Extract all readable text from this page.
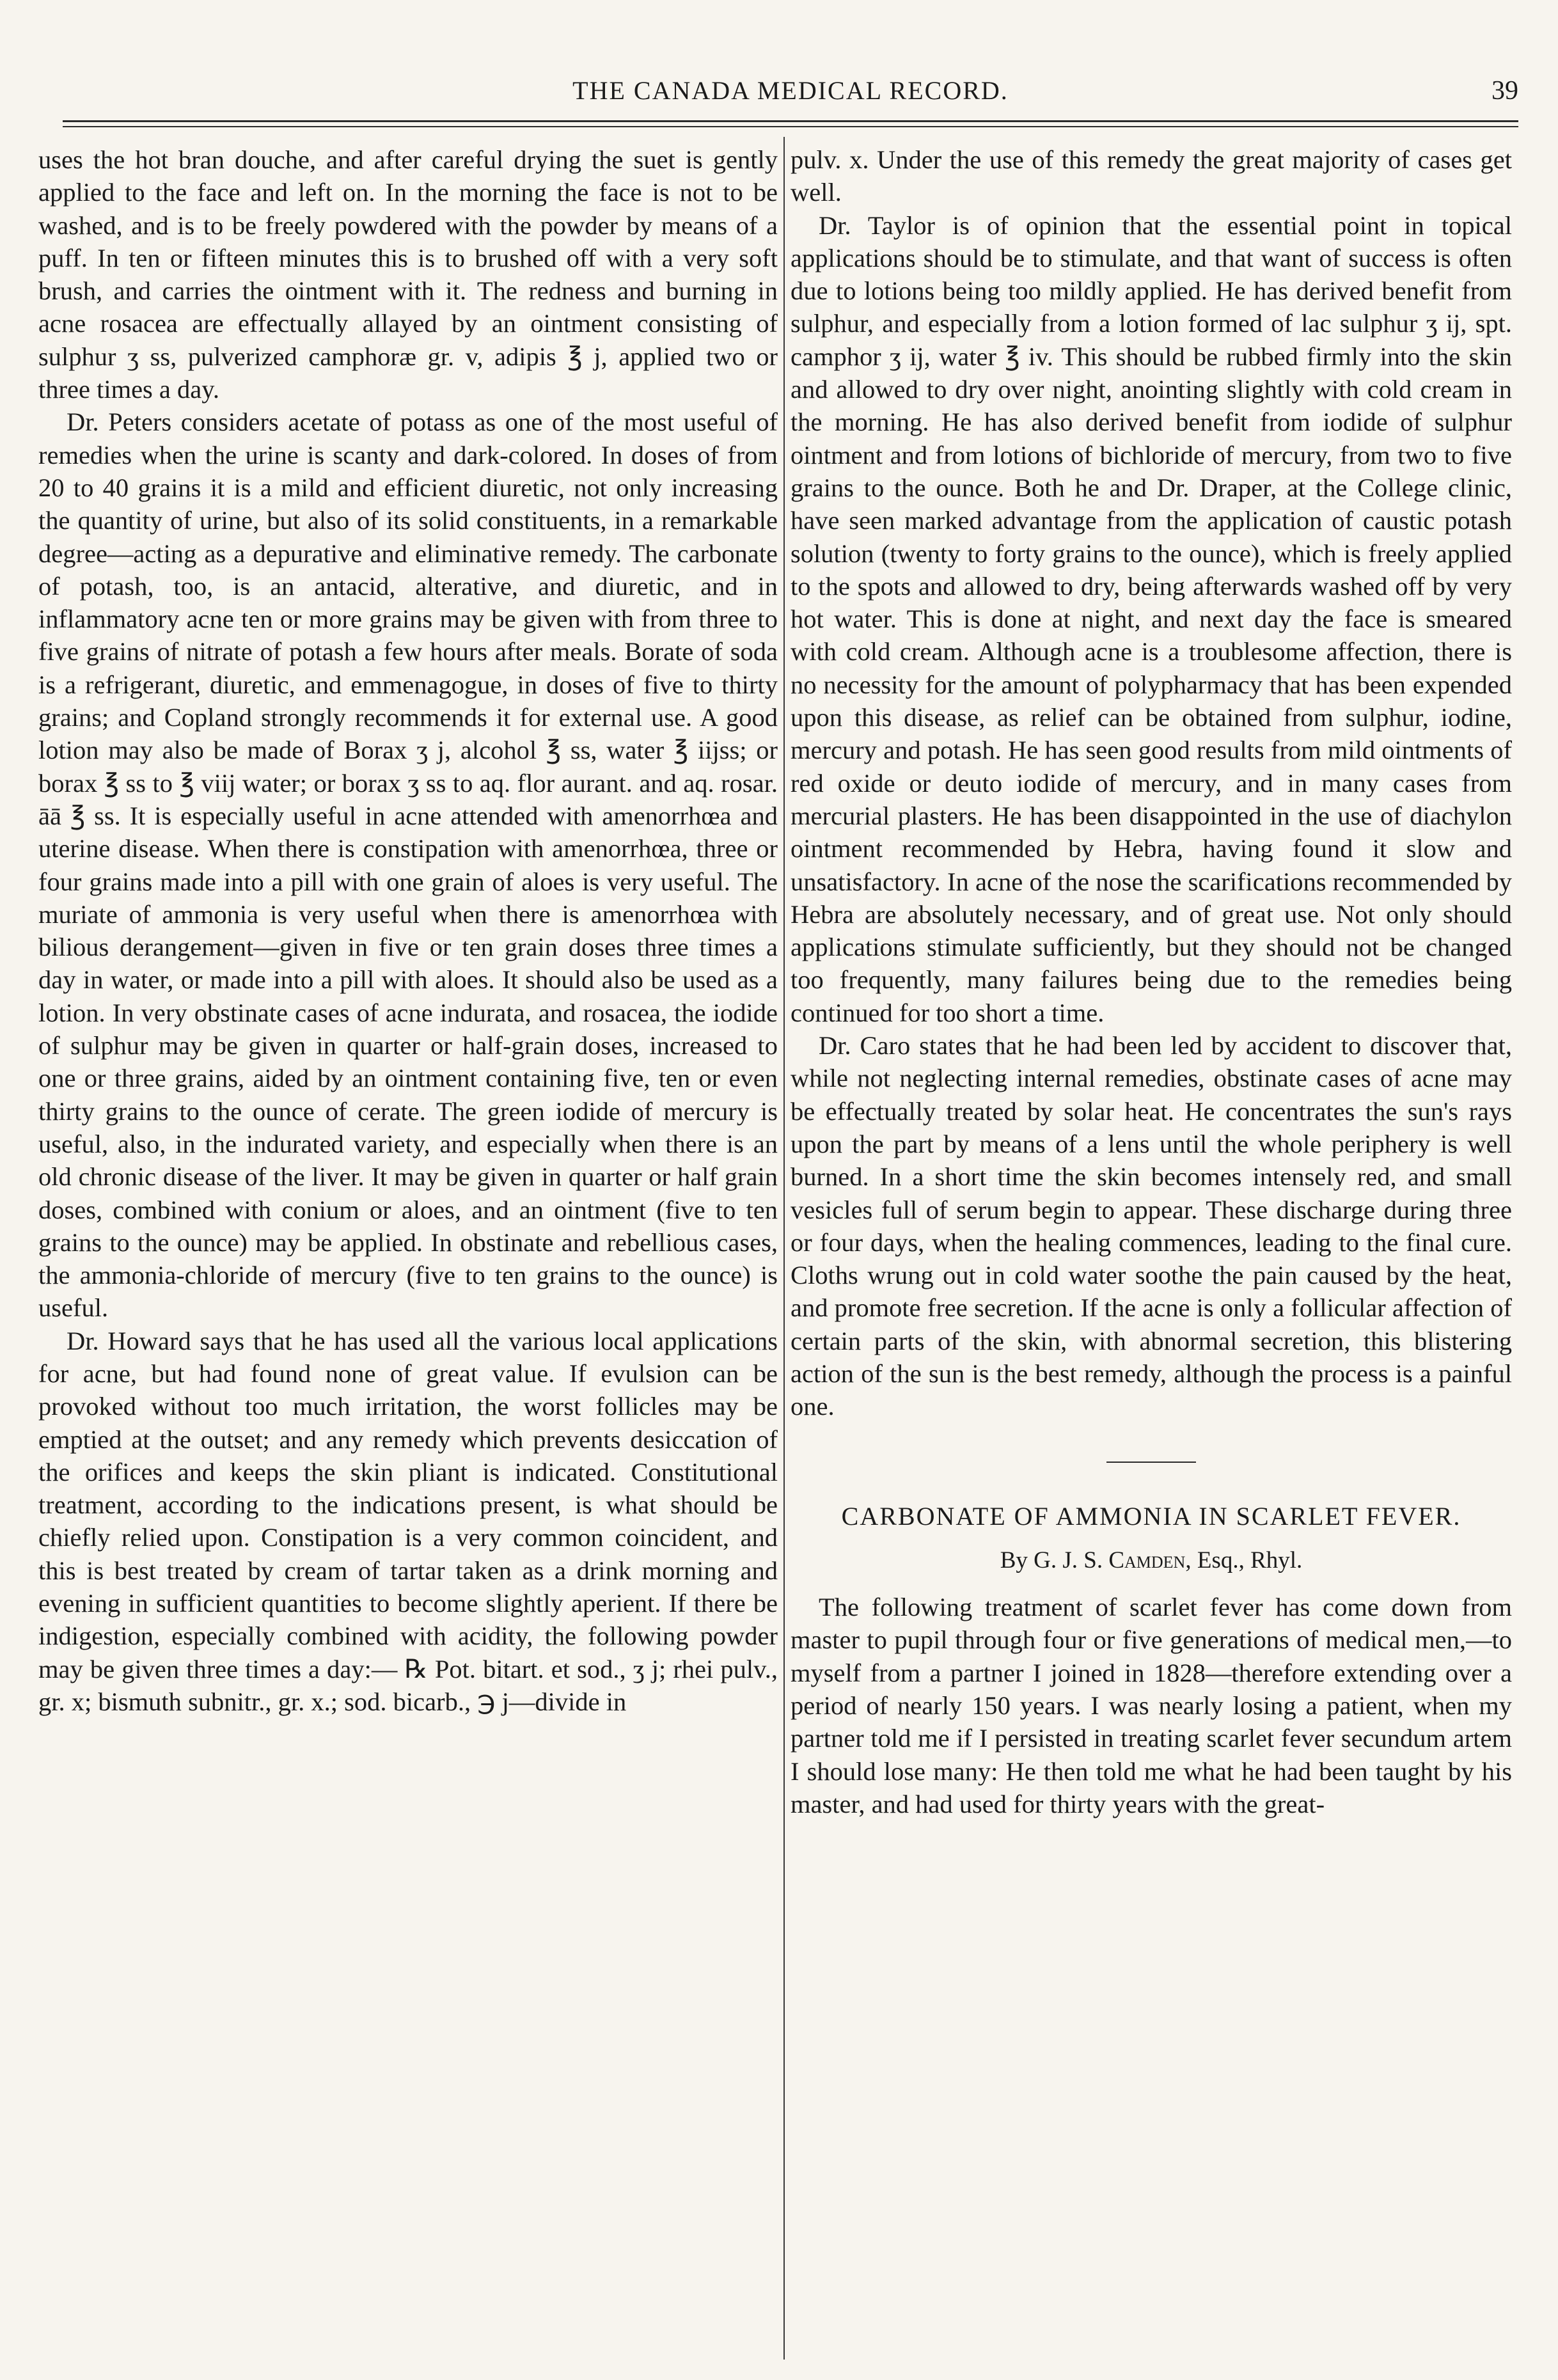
THE CANADA MEDICAL RECORD.	39

uses the hot bran douche, and after careful drying the suet is gently applied to the face and left on. In the morning the face is not to be washed, and is to be freely powdered with the powder by means of a puff. In ten or fifteen minutes this is to brushed off with a very soft brush, and carries the ointment with it. The redness and burning in acne rosacea are effectually allayed by an ointment consisting of sulphur ʒ ss, pulverized camphoræ gr. v, adipis ℥ j, applied two or three times a day.

Dr. Peters considers acetate of potass as one of the most useful of remedies when the urine is scanty and dark-colored. In doses of from 20 to 40 grains it is a mild and efficient diuretic, not only increasing the quantity of urine, but also of its solid constituents, in a remarkable degree—acting as a depurative and eliminative remedy. The carbonate of potash, too, is an antacid, alterative, and diuretic, and in inflammatory acne ten or more grains may be given with from three to five grains of nitrate of potash a few hours after meals. Borate of soda is a refrigerant, diuretic, and emmenagogue, in doses of five to thirty grains; and Copland strongly recommends it for external use. A good lotion may also be made of Borax ʒ j, alcohol ℥ ss, water ℥ iijss; or borax ℥ ss to ℥ viij water; or borax ʒ ss to aq. flor aurant. and aq. rosar. āā ℥ ss. It is especially useful in acne attended with amenorrhœa and uterine disease. When there is constipation with amenorrhœa, three or four grains made into a pill with one grain of aloes is very useful. The muriate of ammonia is very useful when there is amenorrhœa with bilious derangement—given in five or ten grain doses three times a day in water, or made into a pill with aloes. It should also be used as a lotion. In very obstinate cases of acne indurata, and rosacea, the iodide of sulphur may be given in quarter or half-grain doses, increased to one or three grains, aided by an ointment containing five, ten or even thirty grains to the ounce of cerate. The green iodide of mercury is useful, also, in the indurated variety, and especially when there is an old chronic disease of the liver. It may be given in quarter or half grain doses, combined with conium or aloes, and an ointment (five to ten grains to the ounce) may be applied. In obstinate and rebellious cases, the ammonia-chloride of mercury (five to ten grains to the ounce) is useful.

Dr. Howard says that he has used all the various local applications for acne, but had found none of great value. If evulsion can be provoked without too much irritation, the worst follicles may be emptied at the outset; and any remedy which prevents desiccation of the orifices and keeps the skin pliant is indicated. Constitutional treatment, according to the indications present, is what should be chiefly relied upon. Constipation is a very common coincident, and this is best treated by cream of tartar taken as a drink morning and evening in sufficient quantities to become slightly aperient. If there be indigestion, especially combined with acidity, the following powder may be given three times a day:— ℞ Pot. bitart. et sod., ʒ j; rhei pulv., gr. x; bismuth subnitr., gr. x.; sod. bicarb., ℈ j—divide in

pulv. x. Under the use of this remedy the great majority of cases get well.

Dr. Taylor is of opinion that the essential point in topical applications should be to stimulate, and that want of success is often due to lotions being too mildly applied. He has derived benefit from sulphur, and especially from a lotion formed of lac sulphur ʒ ij, spt. camphor ʒ ij, water ℥ iv. This should be rubbed firmly into the skin and allowed to dry over night, anointing slightly with cold cream in the morning. He has also derived benefit from iodide of sulphur ointment and from lotions of bichloride of mercury, from two to five grains to the ounce. Both he and Dr. Draper, at the College clinic, have seen marked advantage from the application of caustic potash solution (twenty to forty grains to the ounce), which is freely applied to the spots and allowed to dry, being afterwards washed off by very hot water. This is done at night, and next day the face is smeared with cold cream. Although acne is a troublesome affection, there is no necessity for the amount of polypharmacy that has been expended upon this disease, as relief can be obtained from sulphur, iodine, mercury and potash. He has seen good results from mild ointments of red oxide or deuto iodide of mercury, and in many cases from mercurial plasters. He has been disappointed in the use of diachylon ointment recommended by Hebra, having found it slow and unsatisfactory. In acne of the nose the scarifications recommended by Hebra are absolutely necessary, and of great use. Not only should applications stimulate sufficiently, but they should not be changed too frequently, many failures being due to the remedies being continued for too short a time.

Dr. Caro states that he had been led by accident to discover that, while not neglecting internal remedies, obstinate cases of acne may be effectually treated by solar heat. He concentrates the sun's rays upon the part by means of a lens until the whole periphery is well burned. In a short time the skin becomes intensely red, and small vesicles full of serum begin to appear. These discharge during three or four days, when the healing commences, leading to the final cure. Cloths wrung out in cold water soothe the pain caused by the heat, and promote free secretion. If the acne is only a follicular affection of certain parts of the skin, with abnormal secretion, this blistering action of the sun is the best remedy, although the process is a painful one.

CARBONATE OF AMMONIA IN SCARLET FEVER.
By G. J. S. Camden, Esq., Rhyl.

The following treatment of scarlet fever has come down from master to pupil through four or five generations of medical men,—to myself from a partner I joined in 1828—therefore extending over a period of nearly 150 years. I was nearly losing a patient, when my partner told me if I persisted in treating scarlet fever secundum artem I should lose many: He then told me what he had been taught by his master, and had used for thirty years with the great-
